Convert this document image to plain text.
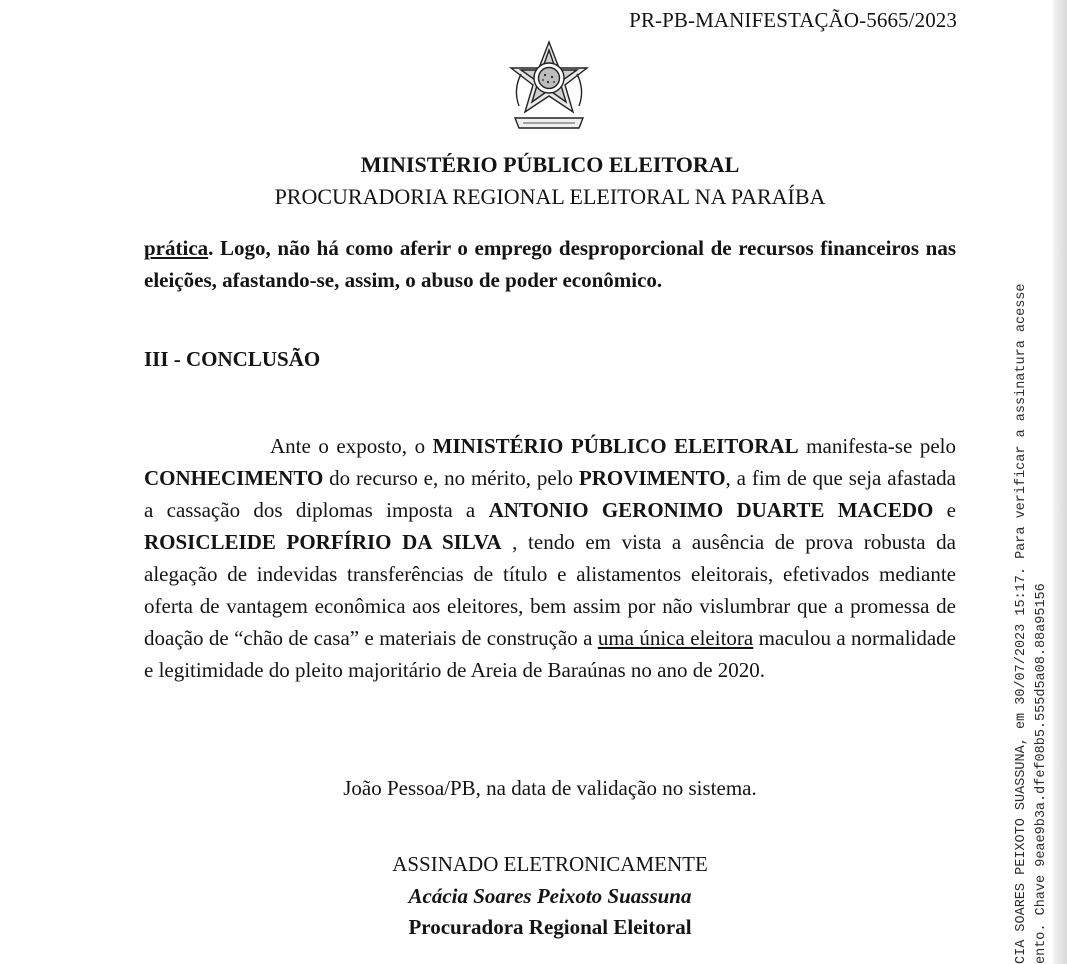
PR-PB-MANIFESTAÇÃO-5665/2023
MINISTÉRIO PÚBLICO ELEITORAL
PROCURADORIA REGIONAL ELEITORAL NA PARAÍBA
prática. Logo, não há como aferir o emprego desproporcional de recursos financeiros nas eleições, afastando-se, assim, o abuso de poder econômico.
III - CONCLUSÃO
Ante o exposto, o MINISTÉRIO PÚBLICO ELEITORAL manifesta-se pelo CONHECIMENTO do recurso e, no mérito, pelo PROVIMENTO, a fim de que seja afastada a cassação dos diplomas imposta a ANTONIO GERONIMO DUARTE MACEDO e ROSICLEIDE PORFÍRIO DA SILVA , tendo em vista a ausência de prova robusta da alegação de indevidas transferências de título e alistamentos eleitorais, efetivados mediante oferta de vantagem econômica aos eleitores, bem assim por não vislumbrar que a promessa de doação de “chão de casa” e materiais de construção a uma única eleitora maculou a normalidade e legitimidade do pleito majoritário de Areia de Baraúnas no ano de 2020.
João Pessoa/PB, na data de validação no sistema.
ASSINADO ELETRONICAMENTE
Acácia Soares Peixoto Suassuna
Procuradora Regional Eleitoral	CIA SOARES PEIXOTO SUASSUNA, em 30/07/2023 15:17. Para verificar a assinatura acesse ento. Chave 9eae9b3a.dfef08b5.555d5a08.88a95156
